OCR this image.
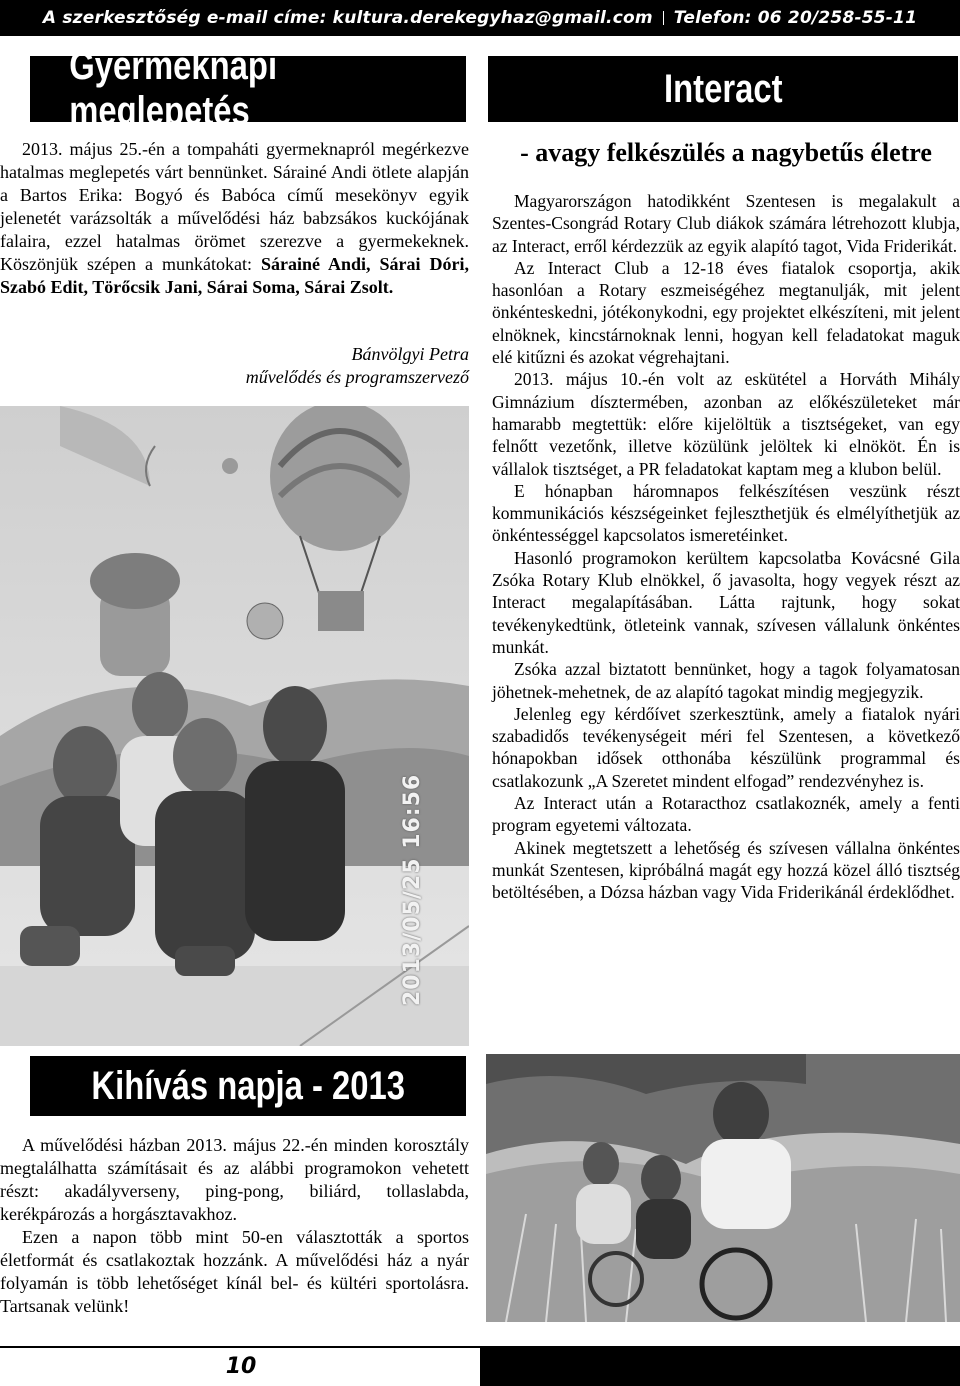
A szerkesztőség e-mail címe: kultura.derekegyhaz@gmail.com Telefon: 06 20/258-55-11
Gyermeknapi meglepetés

2013. május 25.-én a tompaháti gyermeknapról megérkezve hatalmas meglepetés várt bennünket. Sárainé Andi ötlete alapján a Bartos Erika: Bogyó és Babóca című mesekönyv egyik jelenetét varázsolták a művelődési ház babzsákos kuckójának falaira, ezzel hatalmas örömet szerezve a gyermekeknek. Köszönjük szépen a munkátokat: Sárainé Andi, Sárai Dóri, Szabó Edit, Törőcsik Jani, Sárai Soma, Sárai Zsolt.

Bánvölgyi Petra
művelődés és programszervező
2013/05/25 16:56
Interact
- avagy felkészülés a nagybetűs életre

Magyarországon hatodikként Szentesen is megalakult a Szentes-Csongrád Rotary Club diákok számára létrehozott klubja, az Interact, erről kérdezzük az egyik alapító tagot, Vida Friderikát.

Az Interact Club a 12-18 éves fiatalok csoportja, akik hasonlóan a Rotary eszmeiségéhez megtanulják, mit jelent önkénteskedni, jótékonykodni, egy projektet elkészíteni, mit jelent elnöknek, kincstárnoknak lenni, hogyan kell feladatokat maguk elé kitűzni és azokat végrehajtani.

2013. május 10.-én volt az eskütétel a Horváth Mihály Gimnázium dísztermében, azonban az előkészületeket már hamarabb megtettük: előre kijelöltük a tisztségeket, van egy felnőtt vezetőnk, illetve közülünk jelöltek ki elnököt. Én is vállalok tisztséget, a PR feladatokat kaptam meg a klubon belül.

E hónapban háromnapos felkészítésen veszünk részt kommunikációs készségeinket fejleszthetjük és elmélyíthetjük az önkéntességgel kapcsolatos ismeretéinket.

Hasonló programokon kerültem kapcsolatba Kovácsné Gila Zsóka Rotary Klub elnökkel, ő javasolta, hogy vegyek részt az Interact megalapításában. Látta rajtunk, hogy sokat tevékenykedtünk, ötleteink vannak, szívesen vállalunk önkéntes munkát.

Zsóka azzal biztatott bennünket, hogy a tagok folyamatosan jöhetnek-mehetnek, de az alapító tagokat mindig megjegyzik.

Jelenleg egy kérdőívet szerkesztünk, amely a fiatalok nyári szabadidős tevékenységeit méri fel Szentesen, a következő hónapokban idősek otthonába készülünk programmal és csatlakozunk „A Szeretet mindent elfogad” rendezvényhez is.

Az Interact után a Rotaracthoz csatlakoznék, amely a fenti program egyetemi változata.

Akinek megtetszett a lehetőség és szívesen vállalna önkéntes munkát Szentesen, kipróbálná magát egy hozzá közel álló tisztség betöltésében, a Dózsa házban vagy Vida Friderikánál érdeklődhet.

Kihívás napja - 2013

A művelődési házban 2013. május 22.-én minden korosztály megtalálhatta számításait és az alábbi programokon vehetett részt: akadályverseny, ping-pong, biliárd, tollaslabda, kerékpározás a horgásztavakhoz.

Ezen a napon több mint 50-en választották a sportos életformát és csatlakoztak hozzánk. A művelődési ház a nyár folyamán is több lehetőséget kínál bel- és kültéri sportolásra. Tartsanak velünk!

10
